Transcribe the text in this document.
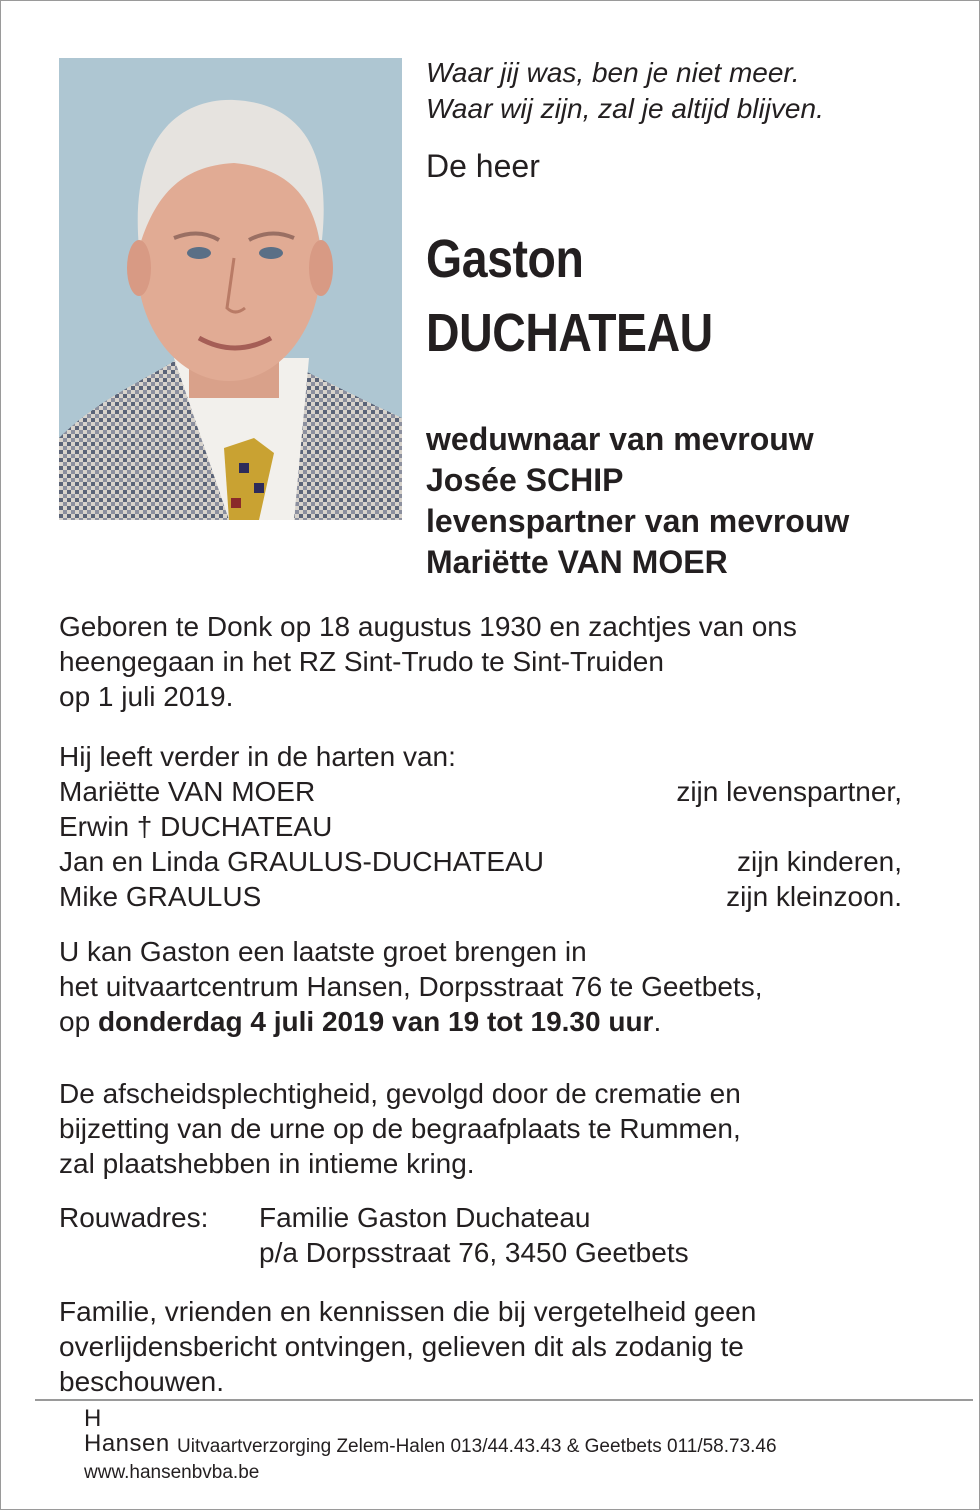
Waar jij was, ben je niet meer.
Waar wij zijn, zal je altijd blijven.
De heer
Gaston
DUCHATEAU
weduwnaar van mevrouw
Josée SCHIP
levenspartner van mevrouw
Mariëtte VAN MOER
Geboren te Donk op 18 augustus 1930 en zachtjes van ons
heengegaan in het RZ Sint-Trudo te Sint-Truiden
op 1 juli 2019.
Hij leeft verder in de harten van:
Mariëtte VAN MOER	zijn levenspartner,
Erwin † DUCHATEAU
Jan en Linda GRAULUS-DUCHATEAU	zijn kinderen,
Mike GRAULUS	zijn kleinzoon.
U kan Gaston een laatste groet brengen in
het uitvaartcentrum Hansen, Dorpsstraat 76 te Geetbets,
op donderdag 4 juli 2019 van 19 tot 19.30 uur.
De afscheidsplechtigheid, gevolgd door de crematie en
bijzetting van de urne op de begraafplaats te Rummen,
zal plaatshebben in intieme kring.
Rouwadres: Familie Gaston Duchateau
p/a Dorpsstraat 76, 3450 Geetbets
Familie, vrienden en kennissen die bij vergetelheid geen
overlijdensbericht ontvingen, gelieven dit als zodanig te
beschouwen.
H
Hansen Uitvaartverzorging Zelem-Halen 013/44.43.43 & Geetbets 011/58.73.46
www.hansenbvba.be
